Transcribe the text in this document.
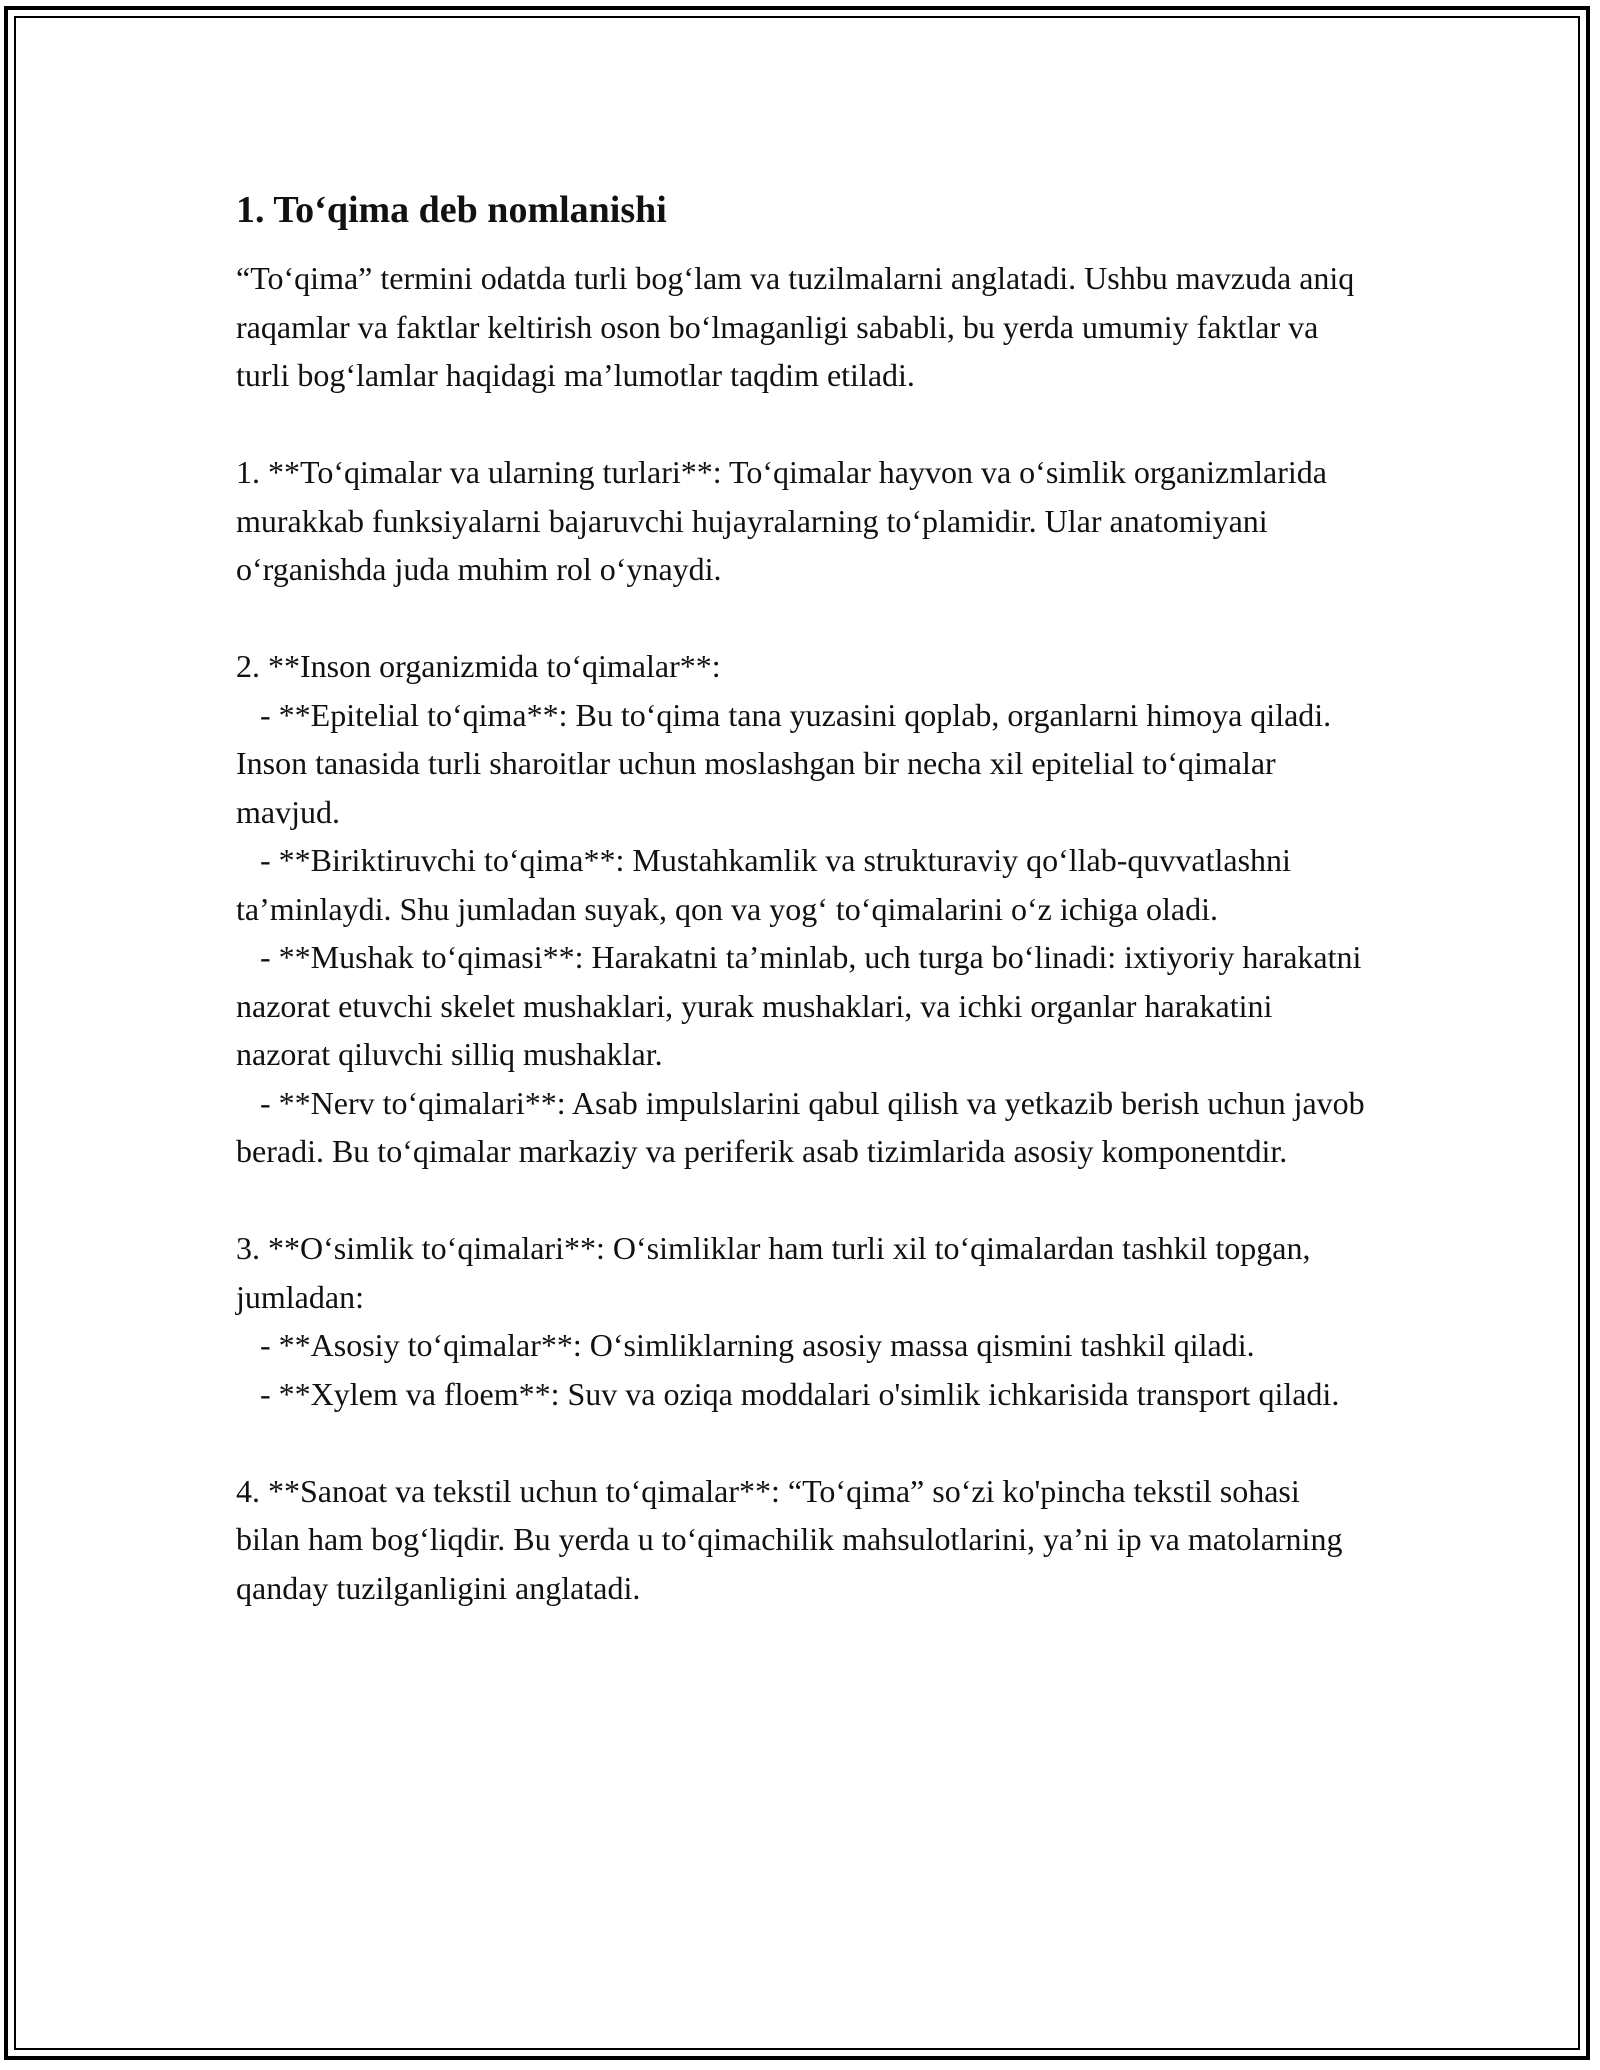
1. To‘qima deb nomlanishi

“To‘qima” termini odatda turli bog‘lam va tuzilmalarni anglatadi. Ushbu mavzuda aniq raqamlar va faktlar keltirish oson bo‘lmaganligi sababli, bu yerda umumiy faktlar va turli bog‘lamlar haqidagi ma’lumotlar taqdim etiladi.

1. **To‘qimalar va ularning turlari**: To‘qimalar hayvon va o‘simlik organizmlarida murakkab funksiyalarni bajaruvchi hujayralarning to‘plamidir. Ular anatomiyani o‘rganishda juda muhim rol o‘ynaydi.

2. **Inson organizmida to‘qimalar**:
- **Epitelial to‘qima**: Bu to‘qima tana yuzasini qoplab, organlarni himoya qiladi. Inson tanasida turli sharoitlar uchun moslashgan bir necha xil epitelial to‘qimalar mavjud.
- **Biriktiruvchi to‘qima**: Mustahkamlik va strukturaviy qo‘llab-quvvatlashni ta’minlaydi. Shu jumladan suyak, qon va yog‘ to‘qimalarini o‘z ichiga oladi.
- **Mushak to‘qimasi**: Harakatni ta’minlab, uch turga bo‘linadi: ixtiyoriy harakatni nazorat etuvchi skelet mushaklari, yurak mushaklari, va ichki organlar harakatini nazorat qiluvchi silliq mushaklar.
- **Nerv to‘qimalari**: Asab impulslarini qabul qilish va yetkazib berish uchun javob beradi. Bu to‘qimalar markaziy va periferik asab tizimlarida asosiy komponentdir.

3. **O‘simlik to‘qimalari**: O‘simliklar ham turli xil to‘qimalardan tashkil topgan, jumladan:
- **Asosiy to‘qimalar**: O‘simliklarning asosiy massa qismini tashkil qiladi.
- **Xylem va floem**: Suv va oziqa moddalari o'simlik ichkarisida transport qiladi.

4. **Sanoat va tekstil uchun to‘qimalar**: “To‘qima” so‘zi ko'pincha tekstil sohasi bilan ham bog‘liqdir. Bu yerda u to‘qimachilik mahsulotlarini, ya’ni ip va matolarning qanday tuzilganligini anglatadi.
